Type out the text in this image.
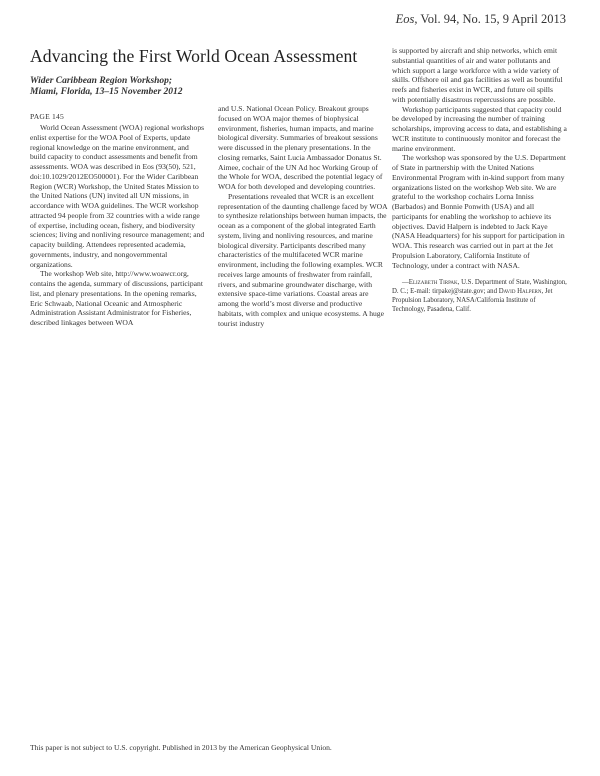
Eos, Vol. 94, No. 15, 9 April 2013
Advancing the First World Ocean Assessment
Wider Caribbean Region Workshop;
Miami, Florida, 13–15 November 2012
PAGE 145

World Ocean Assessment (WOA) regional workshops enlist expertise for the WOA Pool of Experts, update regional knowledge on the marine environment, and build capacity to conduct assessments and benefit from assessments. WOA was described in Eos (93(50), 521, doi:10.1029/2012EO500001). For the Wider Caribbean Region (WCR) Workshop, the United States Mission to the United Nations (UN) invited all UN missions, in accordance with WOA guidelines. The WCR workshop attracted 94 people from 32 countries with a wide range of expertise, including ocean, fishery, and biodiversity sciences; living and nonliving resource management; and capacity building. Attendees represented academia, governments, industry, and nongovernmental organizations.

The workshop Web site, http://www.woawcr.org, contains the agenda, summary of discussions, participant list, and plenary presentations. In the opening remarks, Eric Schwaab, National Oceanic and Atmospheric Administration Assistant Administrator for Fisheries, described linkages between WOA

and U.S. National Ocean Policy. Breakout groups focused on WOA major themes of biophysical environment, fisheries, human impacts, and marine biological diversity. Summaries of breakout sessions were discussed in the plenary presentations. In the closing remarks, Saint Lucia Ambassador Donatus St. Aimee, cochair of the UN Ad hoc Working Group of the Whole for WOA, described the potential legacy of WOA for both developed and developing countries.

Presentations revealed that WCR is an excellent representation of the daunting challenge faced by WOA to synthesize relationships between human impacts, the ocean as a component of the global integrated Earth system, living and nonliving resources, and marine biological diversity. Participants described many characteristics of the multifaceted WCR marine environment, including the following examples. WCR receives large amounts of freshwater from rainfall, rivers, and submarine groundwater discharge, with extensive space-time variations. Coastal areas are among the world’s most diverse and productive habitats, with complex and unique ecosystems. A huge tourist industry

is supported by aircraft and ship networks, which emit substantial quantities of air and water pollutants and which support a large workforce with a wide variety of skills. Offshore oil and gas facilities as well as bountiful reefs and fisheries exist in WCR, and future oil spills with potentially disastrous repercussions are possible.

Workshop participants suggested that capacity could be developed by increasing the number of training scholarships, improving access to data, and establishing a WCR institute to continuously monitor and forecast the marine environment.

The workshop was sponsored by the U.S. Department of State in partnership with the United Nations Environmental Program with in-kind support from many organizations listed on the workshop Web site. We are grateful to the workshop cochairs Lorna Inniss (Barbados) and Bonnie Ponwith (USA) and all participants for enabling the workshop to achieve its objectives. David Halpern is indebted to Jack Kaye (NASA Headquarters) for his support for participation in WOA. This research was carried out in part at the Jet Propulsion Laboratory, California Institute of Technology, under a contract with NASA.

—Elizabeth Tirpak, U.S. Department of State, Washington, D. C.; E-mail: tirpakej@state.gov; and David Halpern, Jet Propulsion Laboratory, NASA/California Institute of Technology, Pasadena, Calif.

This paper is not subject to U.S. copyright. Published in 2013 by the American Geophysical Union.
